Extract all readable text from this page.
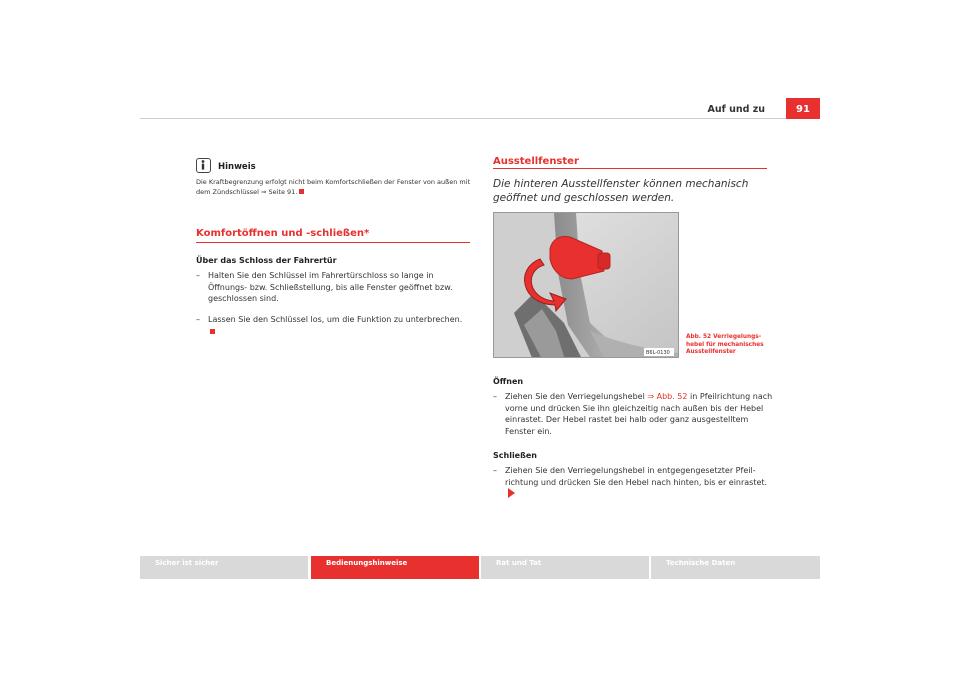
Auf und zu	91
Hinweis
Die Kraftbegrenzung erfolgt nicht beim Komfortschließen der Fenster von außen mit dem Zündschlüssel ⇒ Seite 91.
Komfortöffnen und -schließen*
Über das Schloss der Fahrertür
– Halten Sie den Schlüssel im Fahrertürschloss so lange in Öffnungs- bzw. Schließstellung, bis alle Fenster geöffnet bzw. geschlossen sind.
– Lassen Sie den Schlüssel los, um die Funktion zu unterbrechen.
Ausstellfenster
Die hinteren Ausstellfenster können mechanisch geöffnet und geschlossen werden.
B6L-0130
Abb. 52 Verriegelungshebel für mechanisches Ausstellfenster
Öffnen
– Ziehen Sie den Verriegelungshebel ⇒ Abb. 52 in Pfeilrichtung nach vorne und drücken Sie ihn gleichzeitig nach außen bis der Hebel einrastet. Der Hebel rastet bei halb oder ganz ausgestelltem Fenster ein.
Schließen
– Ziehen Sie den Verriegelungshebel in entgegengesetzter Pfeilrichtung und drücken Sie den Hebel nach hinten, bis er einrastet.
Sicher ist sicher	Bedienungshinweise	Rat und Tat	Technische Daten
